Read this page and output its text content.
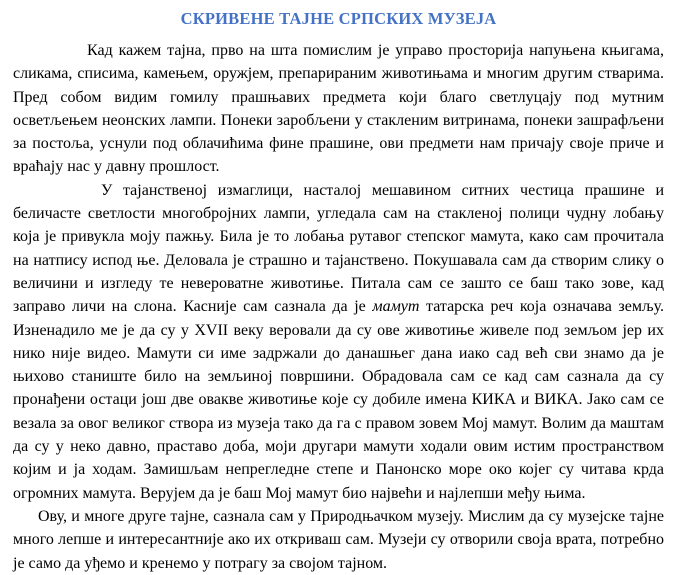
СКРИВЕНЕ ТАЈНЕ СРПСКИХ МУЗЕЈА

Кад кажем тајна, прво на шта помислим је управо просторија напуњена књигама, сликама, списима, камењем, оружјем, препарираним животињама и многим другим стварима. Пред собом видим гомилу прашњавих предмета који благо светлуцају под мутним осветљењем неонских лампи. Понеки заробљени у стакленим витринама, понеки зашрафљени за постоља, уснули под облачићима фине прашине, ови предмети нам причају своје приче и враћају нас у давну прошлост.

У тајанственој измаглици, насталој мешавином ситних честица прашине и беличасте светлости многобројних лампи, угледала сам на стакленој полици чудну лобању која је привукла моју пажњу. Била је то лобања рутавог степског мамута, како сам прочитала на натпису испод ње. Деловала је страшно и тајанствено. Покушавала сам да створим слику о величини и изгледу те невероватне животиње. Питала сам се зашто се баш тако зове, кад заправо личи на слона. Касније сам сазнала да је мамут татарска реч која означава земљу. Изненадило ме је да су у XVII веку веровали да су ове животиње живеле под земљом јер их нико није видео. Мамути си име задржали до данашњег дана иако сад већ сви знамо да је њихово станиште било на земљиној површини. Обрадовала сам се кад сам сазнала да су пронађени остаци још две овакве животиње које су добиле имена КИКА и ВИКА. Јако сам се везала за овог великог створа из музеја тако да га с правом зовем Мој мамут. Волим да маштам да су у неко давно, праставо доба, моји другари мамути ходали овим истим пространством којим и ја ходам. Замишљам непрегледне степе и Панонско море око којег су читава крда огромних мамута. Верујем да је баш Мој мамут био највећи и најлепши међу њима.

Ову, и многе друге тајне, сазнала сам у Природњачком музеју. Мислим да су музејске тајне много лепше и интересантније ако их откриваш сам. Музеји су отворили своја врата, потребно је само да уђемо и кренемо у потрагу за својом тајном.
